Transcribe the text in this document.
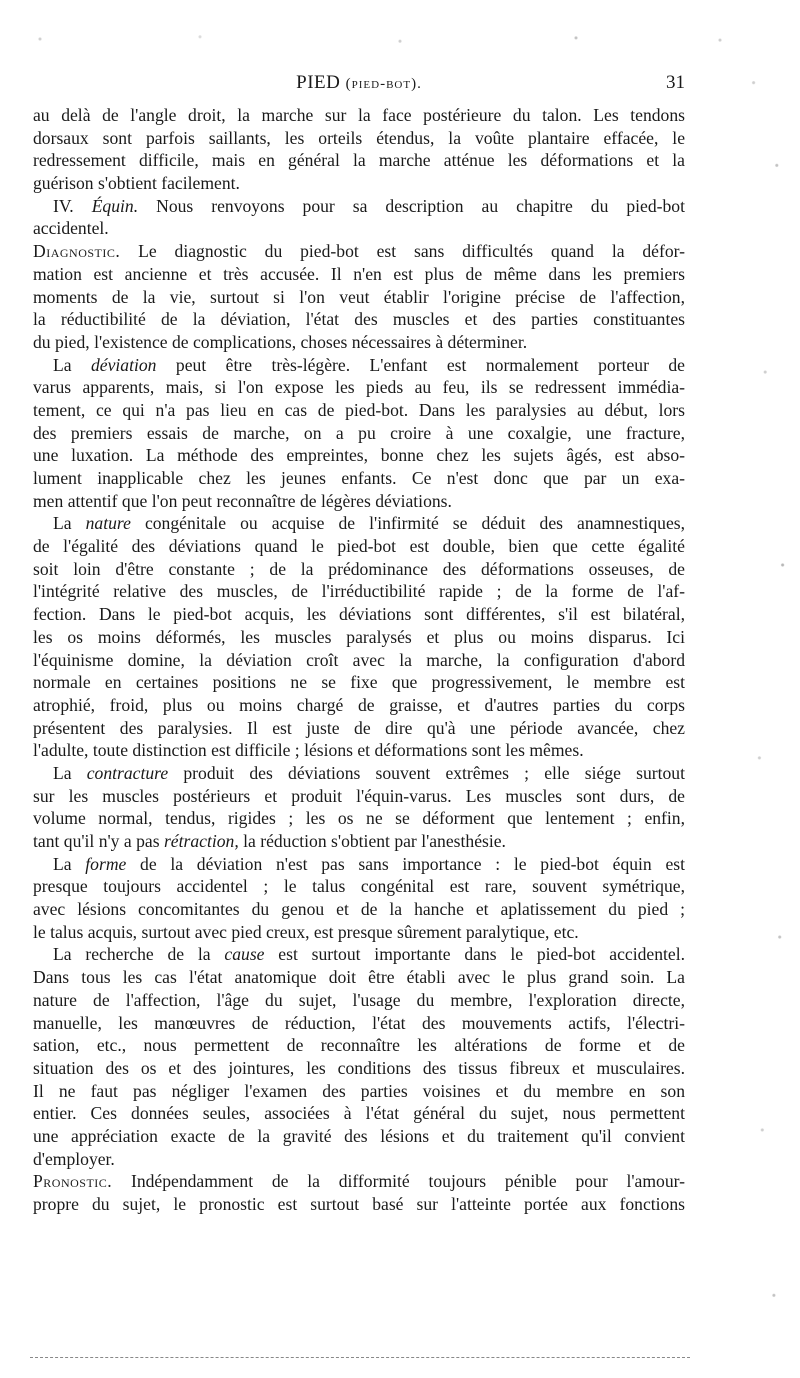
PIED (pied-bot).	31
au delà de l'angle droit, la marche sur la face postérieure du talon. Les tendons
dorsaux sont parfois saillants, les orteils étendus, la voûte plantaire effacée, le
redressement difficile, mais en général la marche atténue les déformations et la
guérison s'obtient facilement.
IV. Équin. Nous renvoyons pour sa description au chapitre du pied-bot
accidentel.
Diagnostic. Le diagnostic du pied-bot est sans difficultés quand la défor-
mation est ancienne et très accusée. Il n'en est plus de même dans les premiers
moments de la vie, surtout si l'on veut établir l'origine précise de l'affection,
la réductibilité de la déviation, l'état des muscles et des parties constituantes
du pied, l'existence de complications, choses nécessaires à déterminer.
La déviation peut être très-légère. L'enfant est normalement porteur de
varus apparents, mais, si l'on expose les pieds au feu, ils se redressent immédia-
tement, ce qui n'a pas lieu en cas de pied-bot. Dans les paralysies au début, lors
des premiers essais de marche, on a pu croire à une coxalgie, une fracture,
une luxation. La méthode des empreintes, bonne chez les sujets âgés, est abso-
lument inapplicable chez les jeunes enfants. Ce n'est donc que par un exa-
men attentif que l'on peut reconnaître de légères déviations.
La nature congénitale ou acquise de l'infirmité se déduit des anamnestiques,
de l'égalité des déviations quand le pied-bot est double, bien que cette égalité
soit loin d'être constante ; de la prédominance des déformations osseuses, de
l'intégrité relative des muscles, de l'irréductibilité rapide ; de la forme de l'af-
fection. Dans le pied-bot acquis, les déviations sont différentes, s'il est bilatéral,
les os moins déformés, les muscles paralysés et plus ou moins disparus. Ici
l'équinisme domine, la déviation croît avec la marche, la configuration d'abord
normale en certaines positions ne se fixe que progressivement, le membre est
atrophié, froid, plus ou moins chargé de graisse, et d'autres parties du corps
présentent des paralysies. Il est juste de dire qu'à une période avancée, chez
l'adulte, toute distinction est difficile ; lésions et déformations sont les mêmes.
La contracture produit des déviations souvent extrêmes ; elle siége surtout
sur les muscles postérieurs et produit l'équin-varus. Les muscles sont durs, de
volume normal, tendus, rigides ; les os ne se déforment que lentement ; enfin,
tant qu'il n'y a pas rétraction, la réduction s'obtient par l'anesthésie.
La forme de la déviation n'est pas sans importance : le pied-bot équin est
presque toujours accidentel ; le talus congénital est rare, souvent symétrique,
avec lésions concomitantes du genou et de la hanche et aplatissement du pied ;
le talus acquis, surtout avec pied creux, est presque sûrement paralytique, etc.
La recherche de la cause est surtout importante dans le pied-bot accidentel.
Dans tous les cas l'état anatomique doit être établi avec le plus grand soin. La
nature de l'affection, l'âge du sujet, l'usage du membre, l'exploration directe,
manuelle, les manœuvres de réduction, l'état des mouvements actifs, l'électri-
sation, etc., nous permettent de reconnaître les altérations de forme et de
situation des os et des jointures, les conditions des tissus fibreux et musculaires.
Il ne faut pas négliger l'examen des parties voisines et du membre en son
entier. Ces données seules, associées à l'état général du sujet, nous permettent
une appréciation exacte de la gravité des lésions et du traitement qu'il convient
d'employer.
Pronostic. Indépendamment de la difformité toujours pénible pour l'amour-
propre du sujet, le pronostic est surtout basé sur l'atteinte portée aux fonctions
